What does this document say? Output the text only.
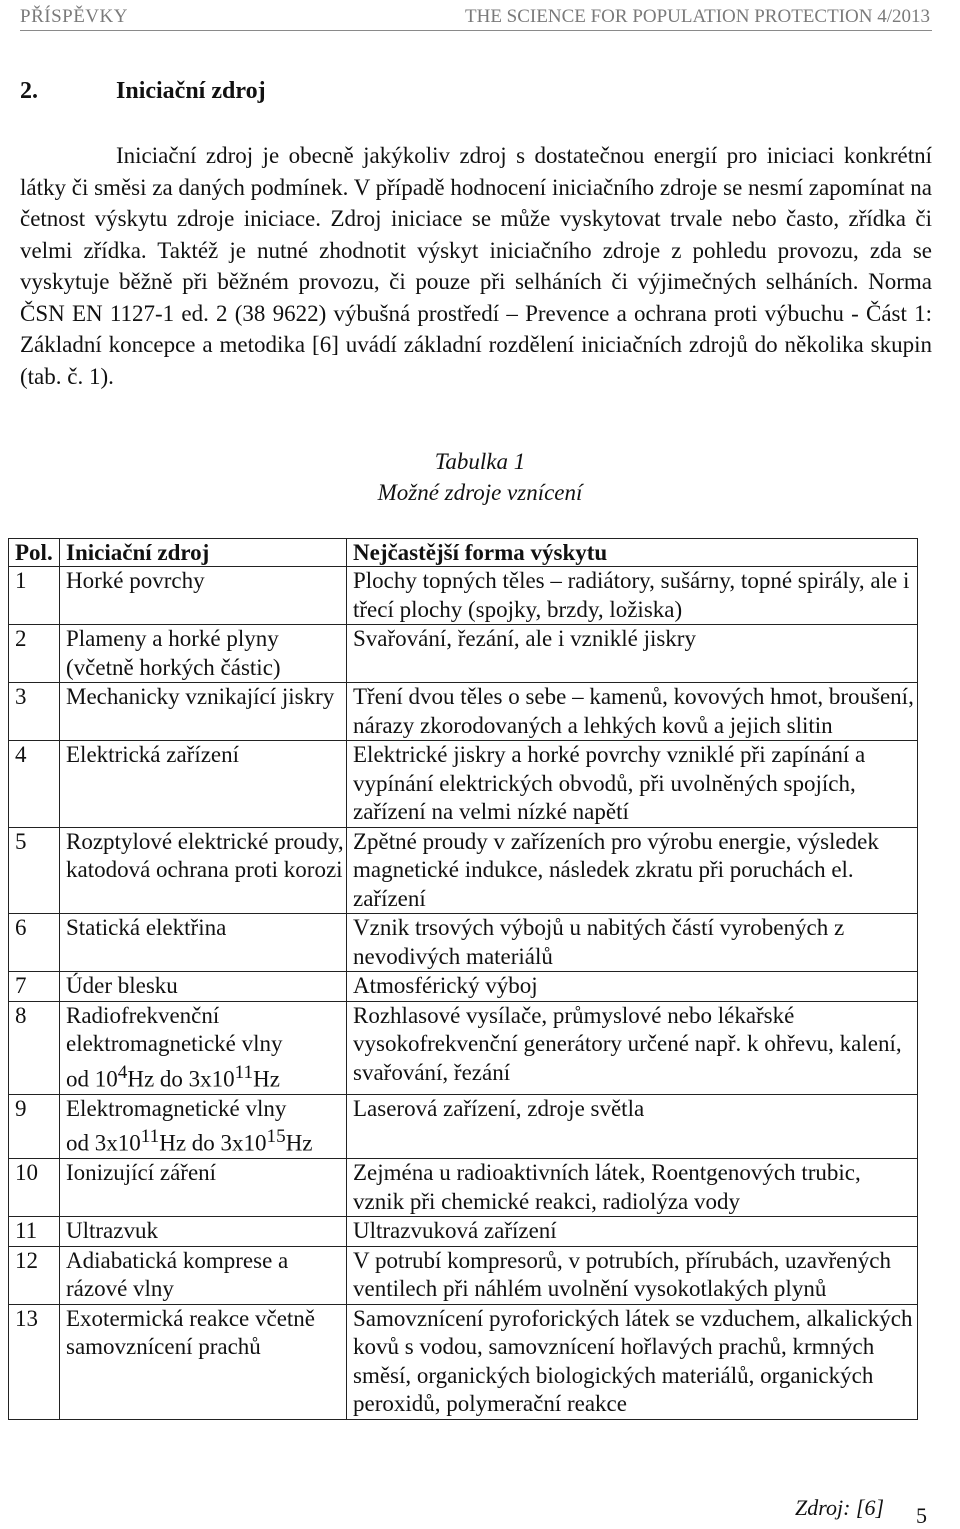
PŘÍSPĚVKY	THE SCIENCE FOR POPULATION PROTECTION 4/2013
2.	Iniciační zdroj

Iniciační zdroj je obecně jakýkoliv zdroj s dostatečnou energií pro iniciaci konkrétní látky či směsi za daných podmínek. V případě hodnocení iniciačního zdroje se nesmí zapomínat na četnost výskytu zdroje iniciace. Zdroj iniciace se může vyskytovat trvale nebo často, zřídka či velmi zřídka. Taktéž je nutné zhodnotit výskyt iniciačního zdroje z pohledu provozu, zda se vyskytuje běžně při běžném provozu, či pouze při selháních či výjimečných selháních. Norma ČSN EN 1127-1 ed. 2 (38 9622) výbušná prostředí – Prevence a ochrana proti výbuchu - Část 1: Základní koncepce a metodika [6] uvádí základní rozdělení iniciačních zdrojů do několika skupin (tab. č. 1).

Tabulka 1
Možné zdroje vznícení
Pol.	Iniciační zdroj	Nejčastější forma výskytu
1	Horké povrchy	Plochy topných těles – radiátory, sušárny, topné spirály, ale i třecí plochy (spojky, brzdy, ložiska)
2	Plameny a horké plyny (včetně horkých částic)	Svařování, řezání, ale i vzniklé jiskry
3	Mechanicky vznikající jiskry	Tření dvou těles o sebe – kamenů, kovových hmot, broušení, nárazy zkorodovaných a lehkých kovů a jejich slitin
4	Elektrická zařízení	Elektrické jiskry a horké povrchy vzniklé při zapínání a vypínání elektrických obvodů, při uvolněných spojích, zařízení na velmi nízké napětí
5	Rozptylové elektrické proudy, katodová ochrana proti korozi	Zpětné proudy v zařízeních pro výrobu energie, výsledek magnetické indukce, následek zkratu při poruchách el. zařízení
6	Statická elektřina	Vznik trsových výbojů u nabitých částí vyrobených z nevodivých materiálů
7	Úder blesku	Atmosférický výboj
8	Radiofrekvenční
elektromagnetické vlny
od $10^4Hz$ do $3x10^{11}Hz$	Rozhlasové vysílače, průmyslové nebo lékařské vysokofrekvenční generátory určené např. k ohřevu, kalení, svařování, řezání
9	Elektromagnetické vlny
od $3x10^{11}Hz$ do $3x10^{15}Hz$	Laserová zařízení, zdroje světla
10	Ionizující záření	Zejména u radioaktivních látek, Roentgenových trubic, vznik při chemické reakci, radiolýza vody
11	Ultrazvuk	Ultrazvuková zařízení
12	Adiabatická komprese a rázové vlny	V potrubí kompresorů, v potrubích, přírubách, uzavřených ventilech při náhlém uvolnění vysokotlakých plynů
13	Exotermická reakce včetně samovznícení prachů	Samovznícení pyroforických látek se vzduchem, alkalických kovů s vodou, samovznícení hořlavých prachů, krmných směsí, organických biologických materiálů, organických peroxidů, polymerační reakce
Zdroj: [6] 5
